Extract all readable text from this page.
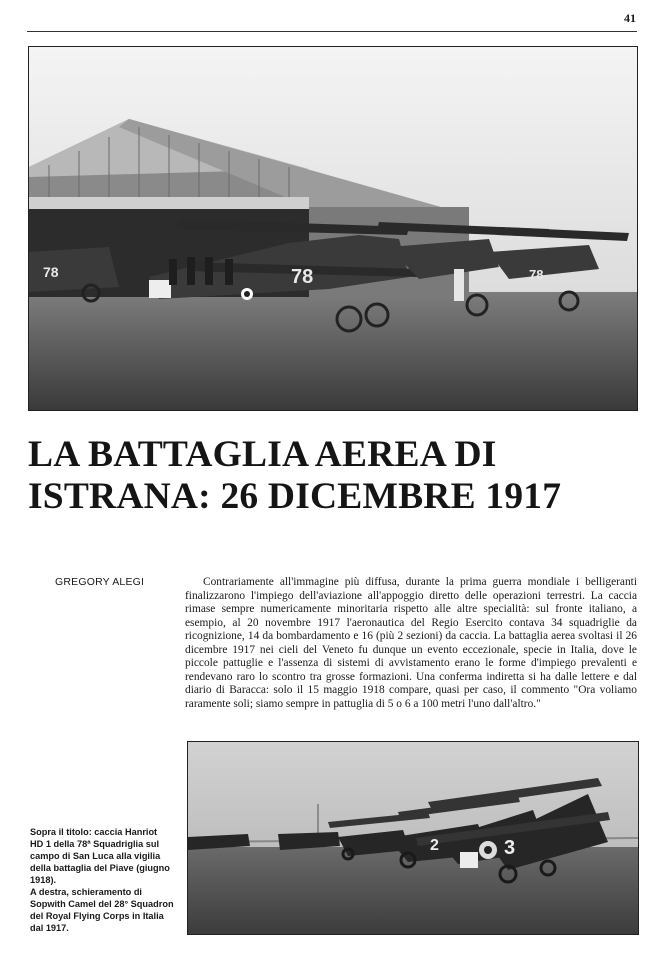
41
78
78	78
LA BATTAGLIA AEREA DI
ISTRANA: 26 DICEMBRE 1917
GREGORY ALEGI	Contrariamente all'immagine più diffusa, durante la prima guerra mondiale i belligeranti finalizzarono l'impiego dell'aviazione all'appoggio diretto delle operazioni terrestri. La caccia rimase sempre numericamente minoritaria rispetto alle altre specialità: sul fronte italiano, a esempio, al 20 novembre 1917 l'aeronautica del Regio Esercito contava 34 squadriglie da ricognizione, 14 da bombardamento e 16 (più 2 sezioni) da caccia. La battaglia aerea svoltasi il 26 dicembre 1917 nei cieli del Veneto fu dunque un evento eccezionale, specie in Italia, dove le piccole pattuglie e l'assenza di sistemi di avvistamento erano le forme d'impiego prevalenti e rendevano raro lo scontro tra grosse formazioni. Una conferma indiretta si ha dalle lettere e dal diario di Baracca: solo il 15 maggio 1918 compare, quasi per caso, il commento "Ora voliamo raramente soli; siamo sempre in pattuglia di 5 o 6 a 100 metri l'uno dall'altro."

2	3
Sopra il titolo: caccia Hanriot
HD 1 della 78ª Squadriglia sul
campo di San Luca alla vigilia
della battaglia del Piave (giugno
1918).
A destra, schieramento di
Sopwith Camel del 28° Squadron
del Royal Flying Corps in Italia
dal 1917.
